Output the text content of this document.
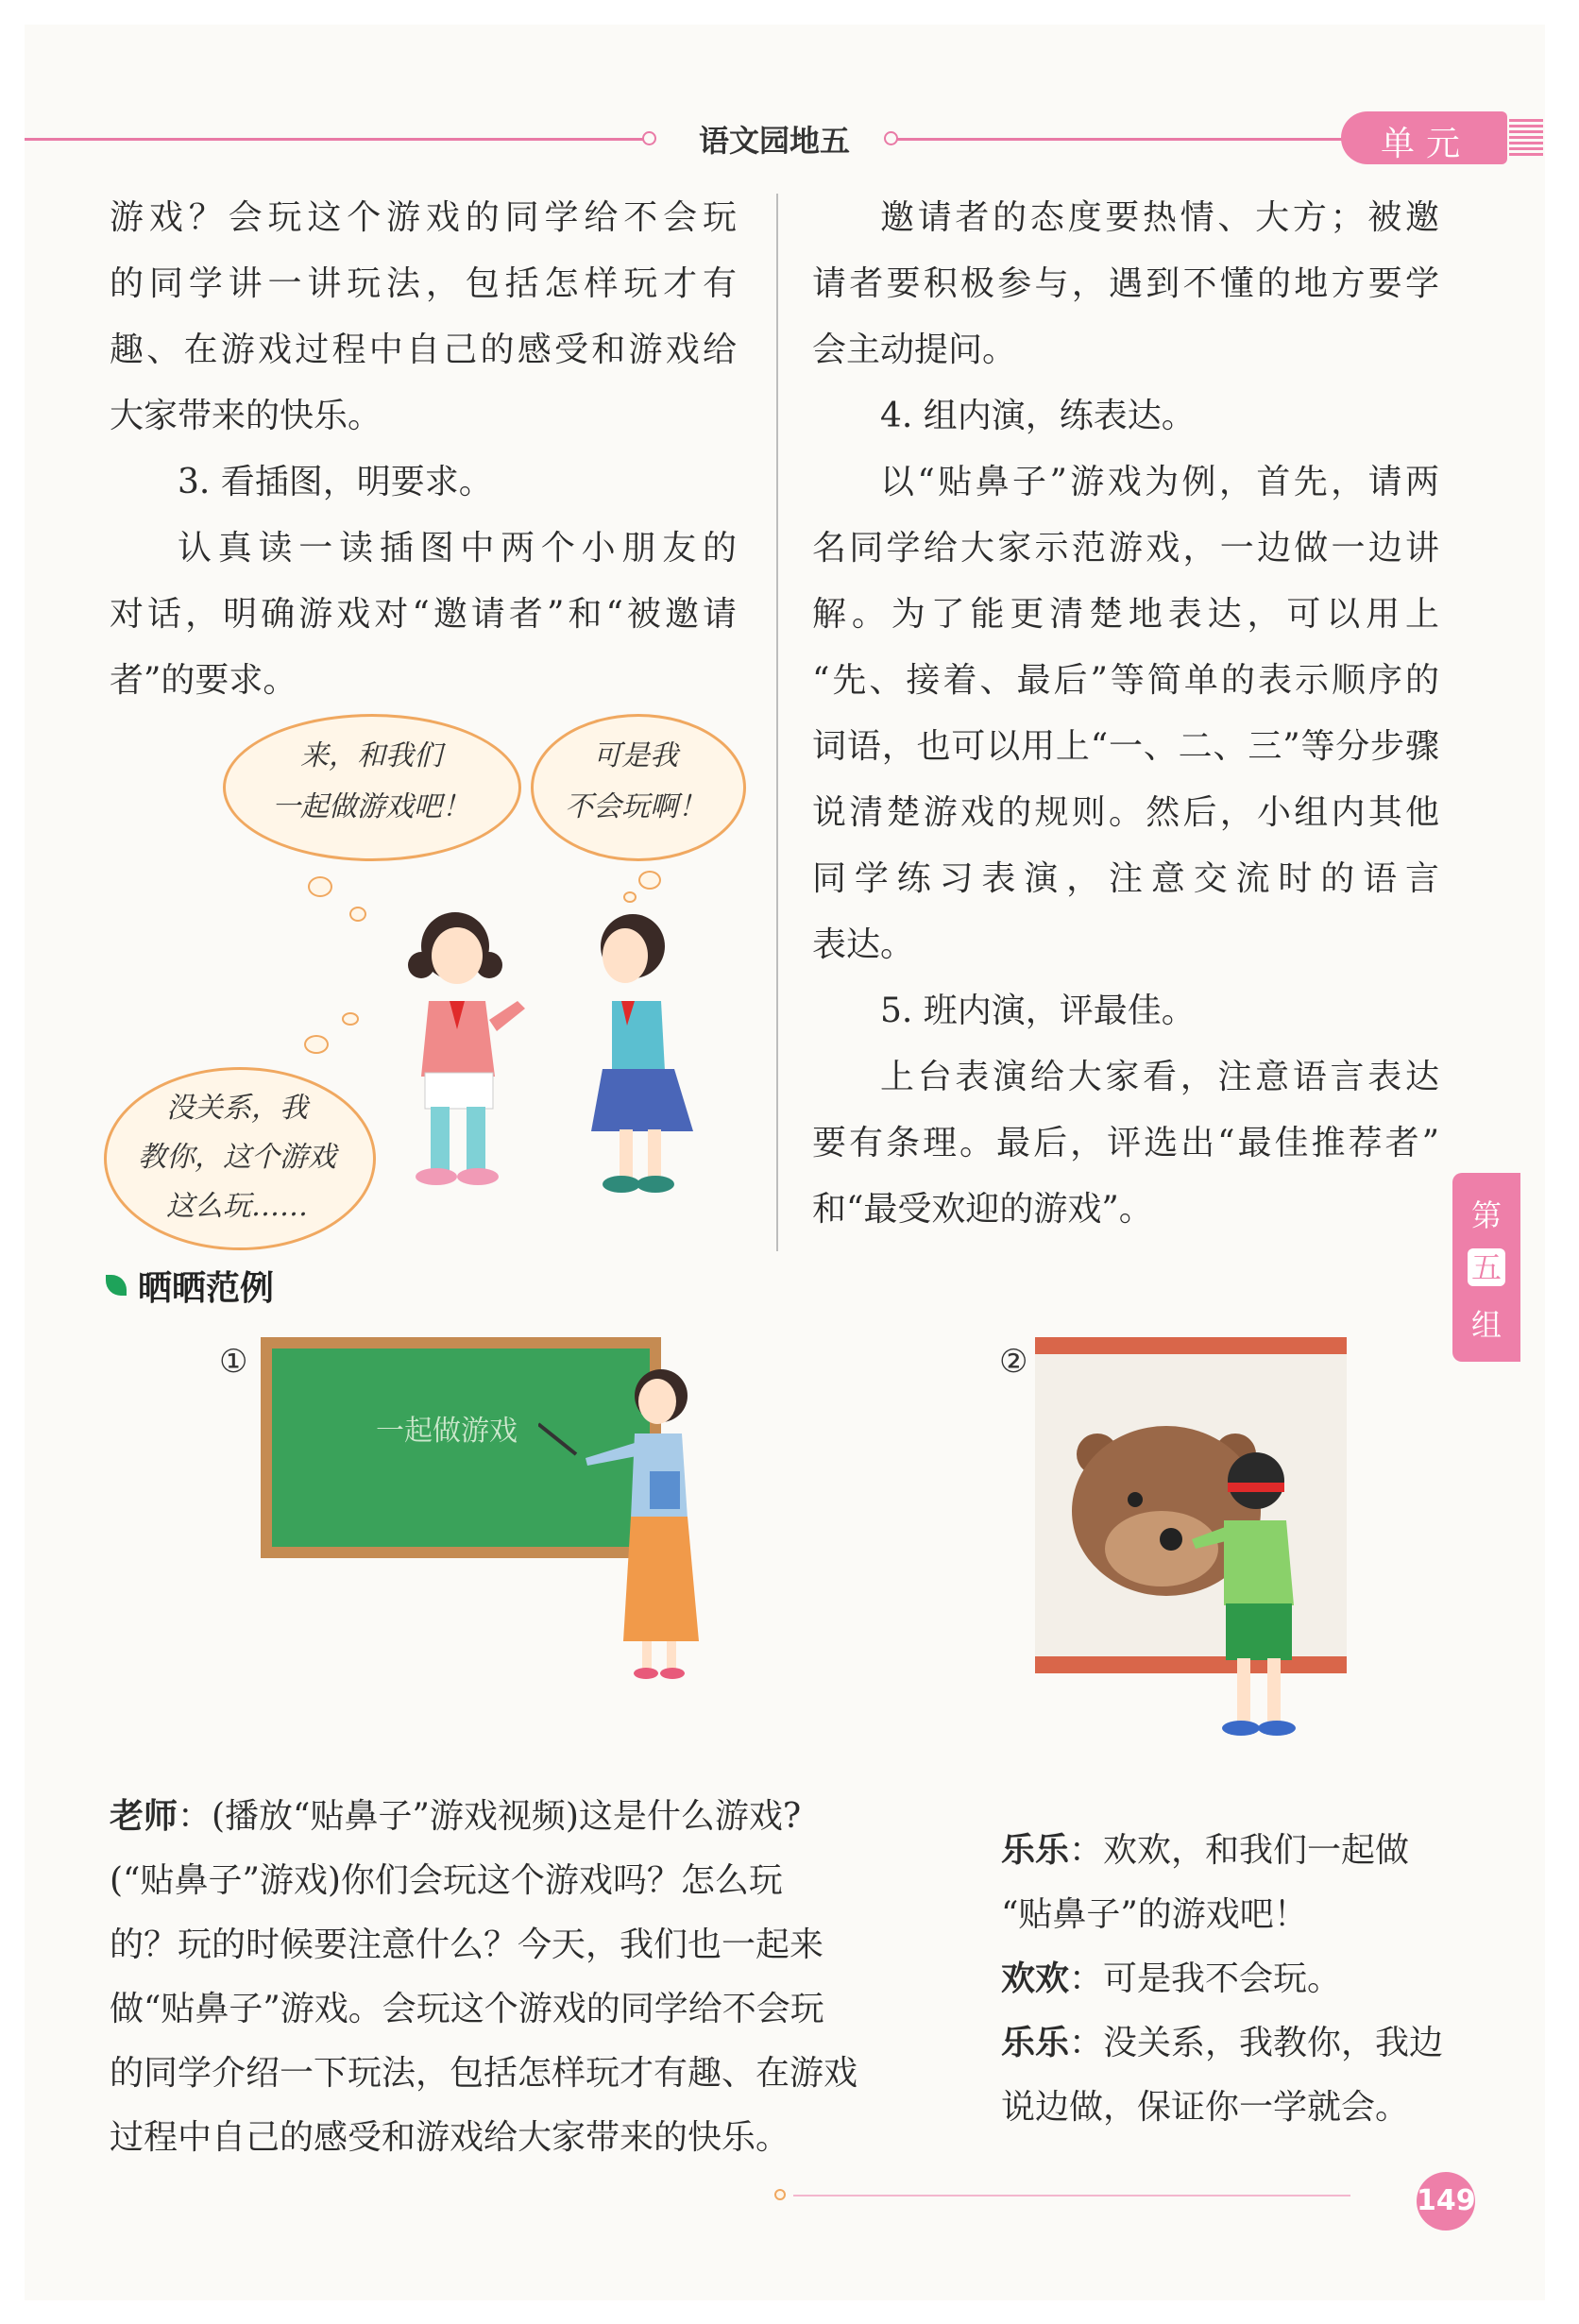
语文园地五	单元

游戏？会玩这个游戏的同学给不会玩

的同学讲一讲玩法，包括怎样玩才有

趣、在游戏过程中自己的感受和游戏给

大家带来的快乐。

3. 看插图，明要求。

认真读一读插图中两个小朋友的

对话，明确游戏对“邀请者”和“被邀请

者”的要求。

来，和我们
一起做游戏吧！
可是我
不会玩啊！
没关系，我
教你，这个游戏
这么玩……

邀请者的态度要热情、大方；被邀

请者要积极参与，遇到不懂的地方要学

会主动提问。

4. 组内演，练表达。

以“贴鼻子”游戏为例，首先，请两

名同学给大家示范游戏，一边做一边讲

解。为了能更清楚地表达，可以用上

“先、接着、最后”等简单的表示顺序的

词语，也可以用上“一、二、三”等分步骤

说清楚游戏的规则。然后，小组内其他

同学练习表演，注意交流时的语言

表达。

5. 班内演，评最佳。

上台表演给大家看，注意语言表达

要有条理。最后，评选出“最佳推荐者”

和“最受欢迎的游戏”。

晒晒范例
①
一起做游戏
②

老师：(播放“贴鼻子”游戏视频)这是什么游戏?

(“贴鼻子”游戏)你们会玩这个游戏吗？怎么玩

的？玩的时候要注意什么？今天，我们也一起来

做“贴鼻子”游戏。会玩这个游戏的同学给不会玩

的同学介绍一下玩法，包括怎样玩才有趣、在游戏

过程中自己的感受和游戏给大家带来的快乐。

乐乐：欢欢，和我们一起做

“贴鼻子”的游戏吧！

欢欢：可是我不会玩。

乐乐：没关系，我教你，我边

说边做，保证你一学就会。

第
五
组
149
